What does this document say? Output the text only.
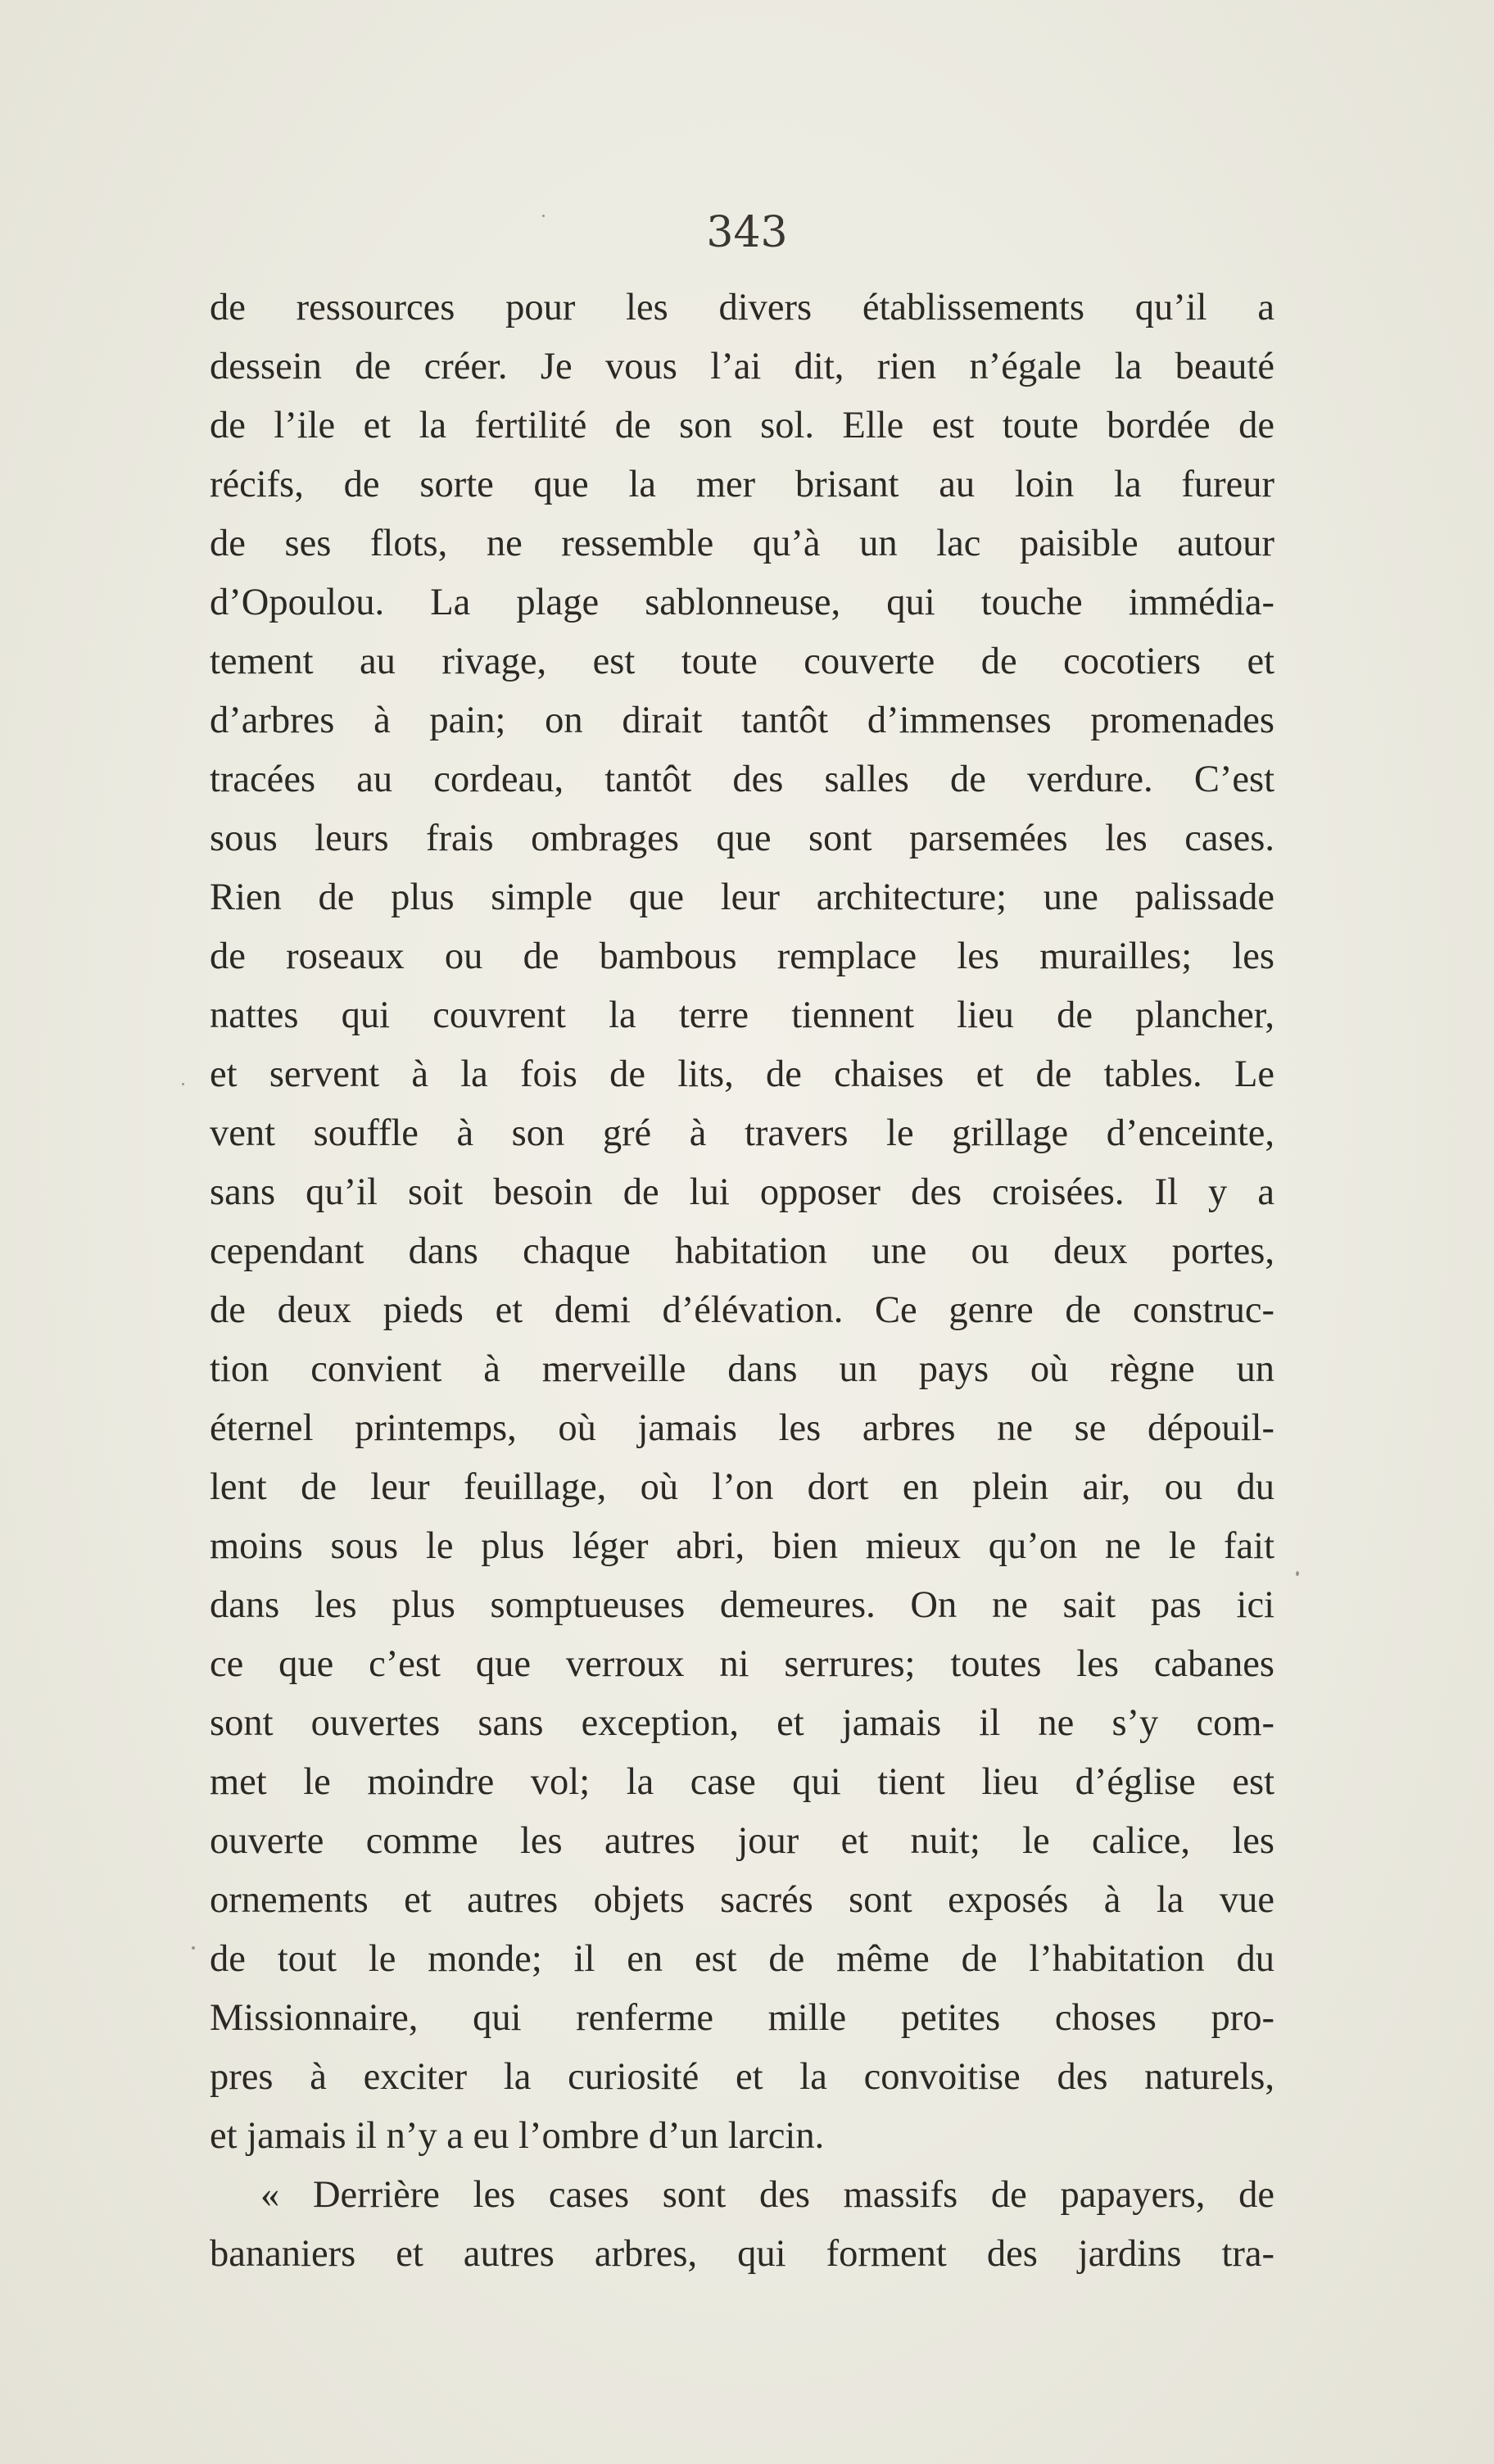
343
de ressources pour les divers établissements qu’il a
dessein de créer. Je vous l’ai dit, rien n’égale la beauté
de l’ile et la fertilité de son sol. Elle est toute bordée de
récifs, de sorte que la mer brisant au loin la fureur
de ses flots, ne ressemble qu’à un lac paisible autour
d’Opoulou. La plage sablonneuse, qui touche immédia-
tement au rivage, est toute couverte de cocotiers et
d’arbres à pain; on dirait tantôt d’immenses promenades
tracées au cordeau, tantôt des salles de verdure. C’est
sous leurs frais ombrages que sont parsemées les cases.
Rien de plus simple que leur architecture; une palissade
de roseaux ou de bambous remplace les murailles; les
nattes qui couvrent la terre tiennent lieu de plancher,
et servent à la fois de lits, de chaises et de tables. Le
vent souffle à son gré à travers le grillage d’enceinte,
sans qu’il soit besoin de lui opposer des croisées. Il y a
cependant dans chaque habitation une ou deux portes,
de deux pieds et demi d’élévation. Ce genre de construc-
tion convient à merveille dans un pays où règne un
éternel printemps, où jamais les arbres ne se dépouil-
lent de leur feuillage, où l’on dort en plein air, ou du
moins sous le plus léger abri, bien mieux qu’on ne le fait
dans les plus somptueuses demeures. On ne sait pas ici
ce que c’est que verroux ni serrures; toutes les cabanes
sont ouvertes sans exception, et jamais il ne s’y com-
met le moindre vol; la case qui tient lieu d’église est
ouverte comme les autres jour et nuit; le calice, les
ornements et autres objets sacrés sont exposés à la vue
de tout le monde; il en est de même de l’habitation du
Missionnaire, qui renferme mille petites choses pro-
pres à exciter la curiosité et la convoitise des naturels,
et jamais il n’y a eu l’ombre d’un larcin.
« Derrière les cases sont des massifs de papayers, de
bananiers et autres arbres, qui forment des jardins tra-
